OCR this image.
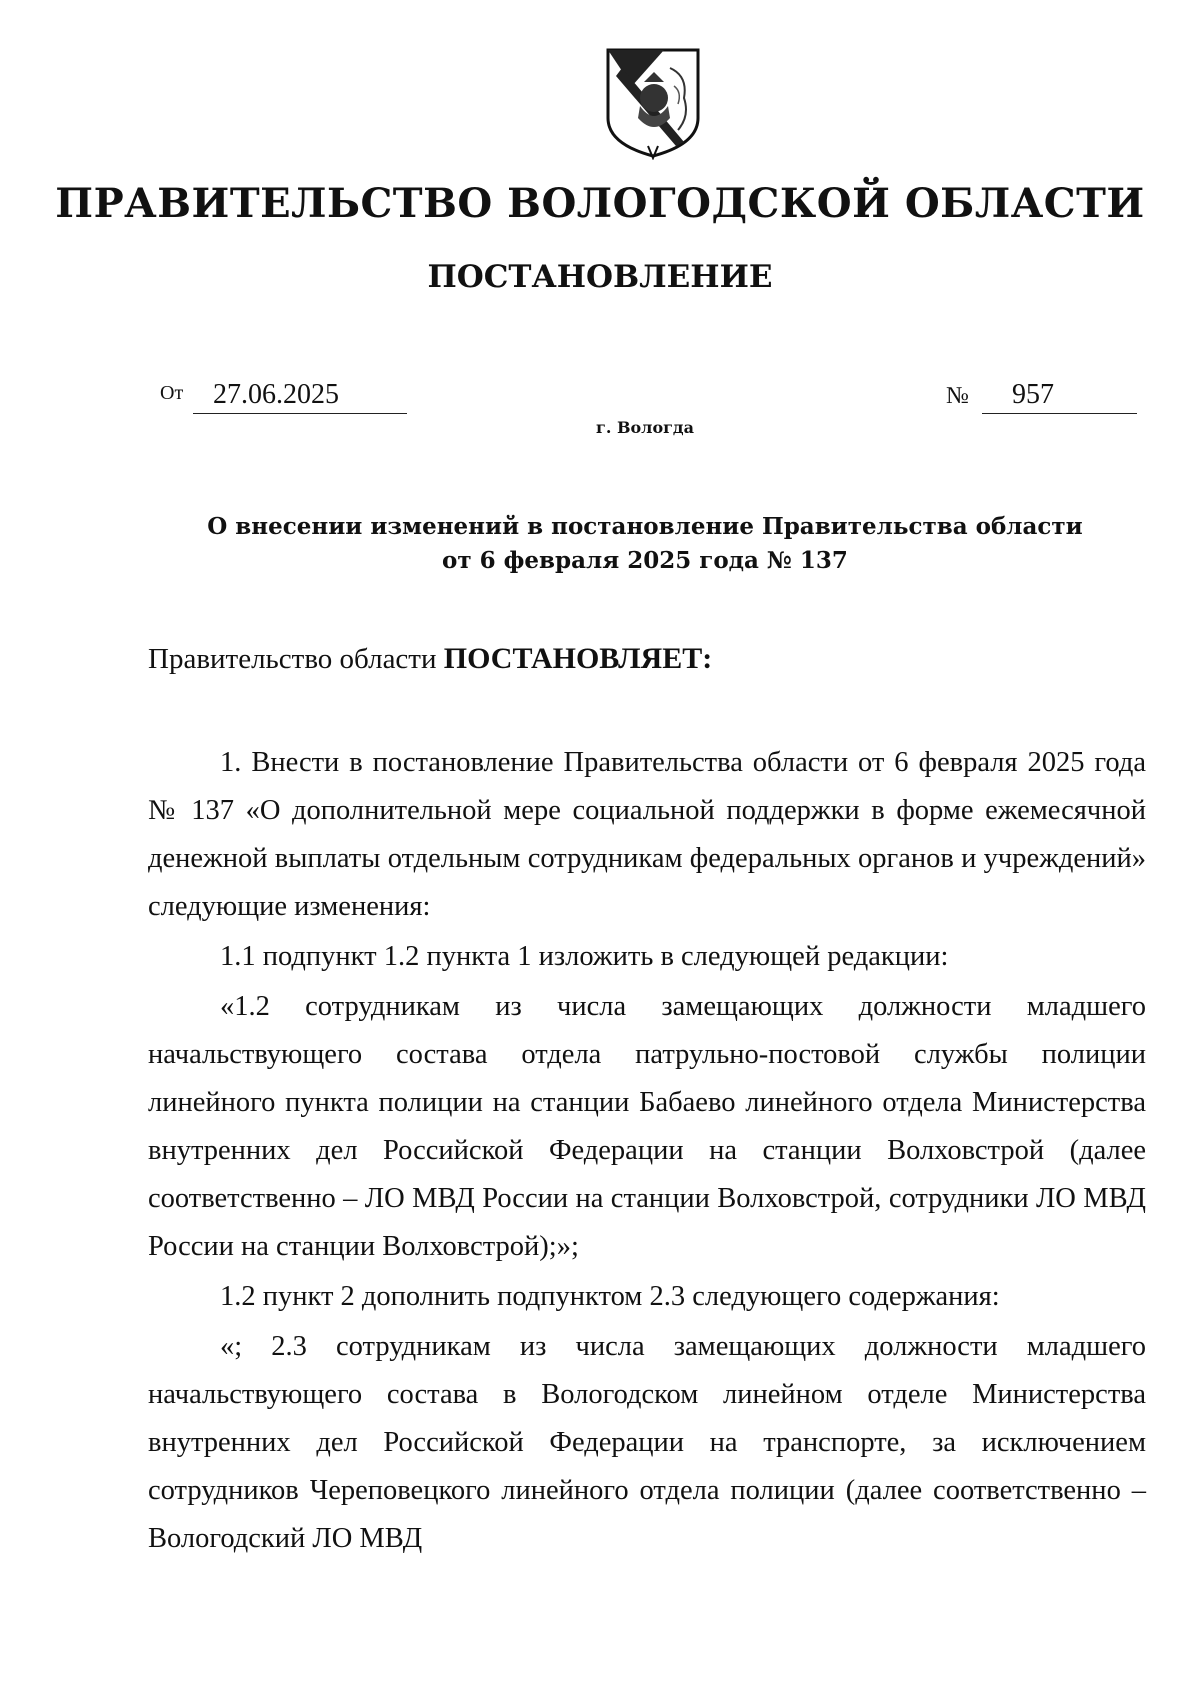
ПРАВИТЕЛЬСТВО ВОЛОГОДСКОЙ ОБЛАСТИ
ПОСТАНОВЛЕНИЕ
От	27.06.2025	№	957
г. Вологда
О внесении изменений в постановление Правительства области
от 6 февраля 2025 года № 137
Правительство области ПОСТАНОВЛЯЕТ:

1. Внести в постановление Правительства области от 6 февраля 2025 года № 137 «О дополнительной мере социальной поддержки в форме ежемесячной денежной выплаты отдельным сотрудникам федеральных органов и учреждений» следующие изменения:

1.1 подпункт 1.2 пункта 1 изложить в следующей редакции:

«1.2 сотрудникам из числа замещающих должности младшего начальствующего состава отдела патрульно-постовой службы полиции линейного пункта полиции на станции Бабаево линейного отдела Министерства внутренних дел Российской Федерации на станции Волховстрой (далее соответственно – ЛО МВД России на станции Волховстрой, сотрудники ЛО МВД России на станции Волховстрой);»;

1.2 пункт 2 дополнить подпунктом 2.3 следующего содержания:

«; 2.3 сотрудникам из числа замещающих должности младшего начальствующего состава в Вологодском линейном отделе Министерства внутренних дел Российской Федерации на транспорте, за исключением сотрудников Череповецкого линейного отдела полиции (далее соответственно – Вологодский ЛО МВД
